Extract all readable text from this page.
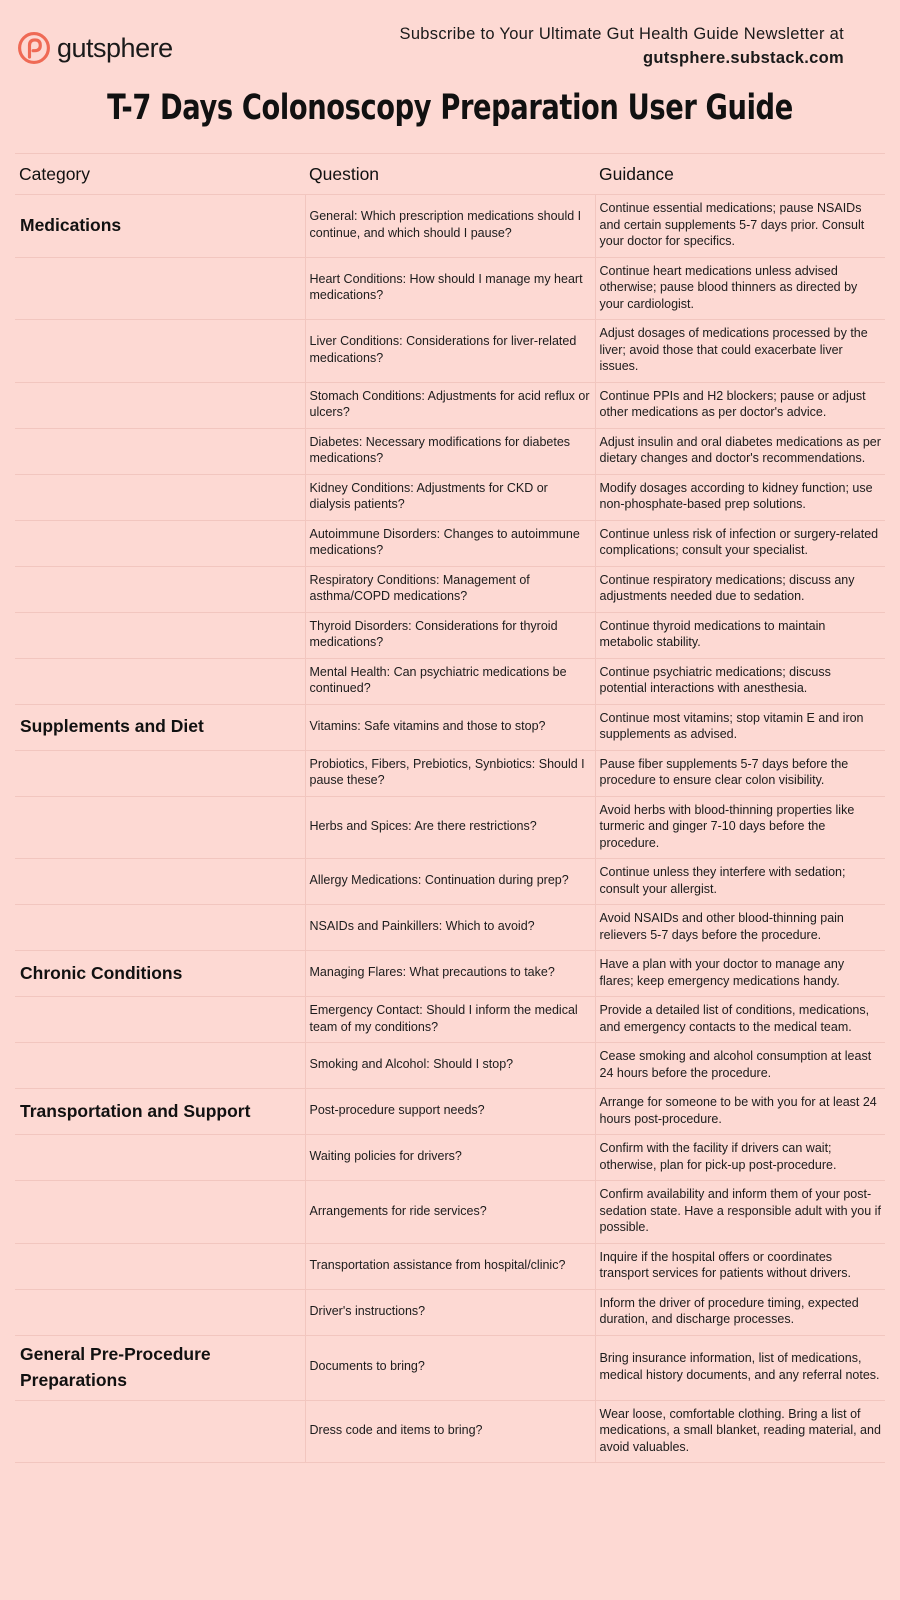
gutsphere	Subscribe to Your Ultimate Gut Health Guide Newsletter at
gutsphere.substack.com
T-7 Days Colonoscopy Preparation User Guide
Category	Question	Guidance
Medications	General: Which prescription medications should I continue, and which should I pause?	Continue essential medications; pause NSAIDs and certain supplements 5-7 days prior. Consult your doctor for specifics.
	Heart Conditions: How should I manage my heart medications?	Continue heart medications unless advised otherwise; pause blood thinners as directed by your cardiologist.
	Liver Conditions: Considerations for liver-related medications?	Adjust dosages of medications processed by the liver; avoid those that could exacerbate liver issues.
	Stomach Conditions: Adjustments for acid reflux or ulcers?	Continue PPIs and H2 blockers; pause or adjust other medications as per doctor's advice.
	Diabetes: Necessary modifications for diabetes medications?	Adjust insulin and oral diabetes medications as per dietary changes and doctor's recommendations.
	Kidney Conditions: Adjustments for CKD or dialysis patients?	Modify dosages according to kidney function; use non-phosphate-based prep solutions.
	Autoimmune Disorders: Changes to autoimmune medications?	Continue unless risk of infection or surgery-related complications; consult your specialist.
	Respiratory Conditions: Management of asthma/COPD medications?	Continue respiratory medications; discuss any adjustments needed due to sedation.
	Thyroid Disorders: Considerations for thyroid medications?	Continue thyroid medications to maintain metabolic stability.
	Mental Health: Can psychiatric medications be continued?	Continue psychiatric medications; discuss potential interactions with anesthesia.
Supplements and Diet	Vitamins: Safe vitamins and those to stop?	Continue most vitamins; stop vitamin E and iron supplements as advised.
	Probiotics, Fibers, Prebiotics, Synbiotics: Should I pause these?	Pause fiber supplements 5-7 days before the procedure to ensure clear colon visibility.
	Herbs and Spices: Are there restrictions?	Avoid herbs with blood-thinning properties like turmeric and ginger 7-10 days before the procedure.
	Allergy Medications: Continuation during prep?	Continue unless they interfere with sedation; consult your allergist.
	NSAIDs and Painkillers: Which to avoid?	Avoid NSAIDs and other blood-thinning pain relievers 5-7 days before the procedure.
Chronic Conditions	Managing Flares: What precautions to take?	Have a plan with your doctor to manage any flares; keep emergency medications handy.
	Emergency Contact: Should I inform the medical team of my conditions?	Provide a detailed list of conditions, medications, and emergency contacts to the medical team.
	Smoking and Alcohol: Should I stop?	Cease smoking and alcohol consumption at least 24 hours before the procedure.
Transportation and Support	Post-procedure support needs?	Arrange for someone to be with you for at least 24 hours post-procedure.
	Waiting policies for drivers?	Confirm with the facility if drivers can wait; otherwise, plan for pick-up post-procedure.
	Arrangements for ride services?	Confirm availability and inform them of your post-sedation state. Have a responsible adult with you if possible.
	Transportation assistance from hospital/clinic?	Inquire if the hospital offers or coordinates transport services for patients without drivers.
	Driver's instructions?	Inform the driver of procedure timing, expected duration, and discharge processes.
General Pre-Procedure Preparations	Documents to bring?	Bring insurance information, list of medications, medical history documents, and any referral notes.
	Dress code and items to bring?	Wear loose, comfortable clothing. Bring a list of medications, a small blanket, reading material, and avoid valuables.
